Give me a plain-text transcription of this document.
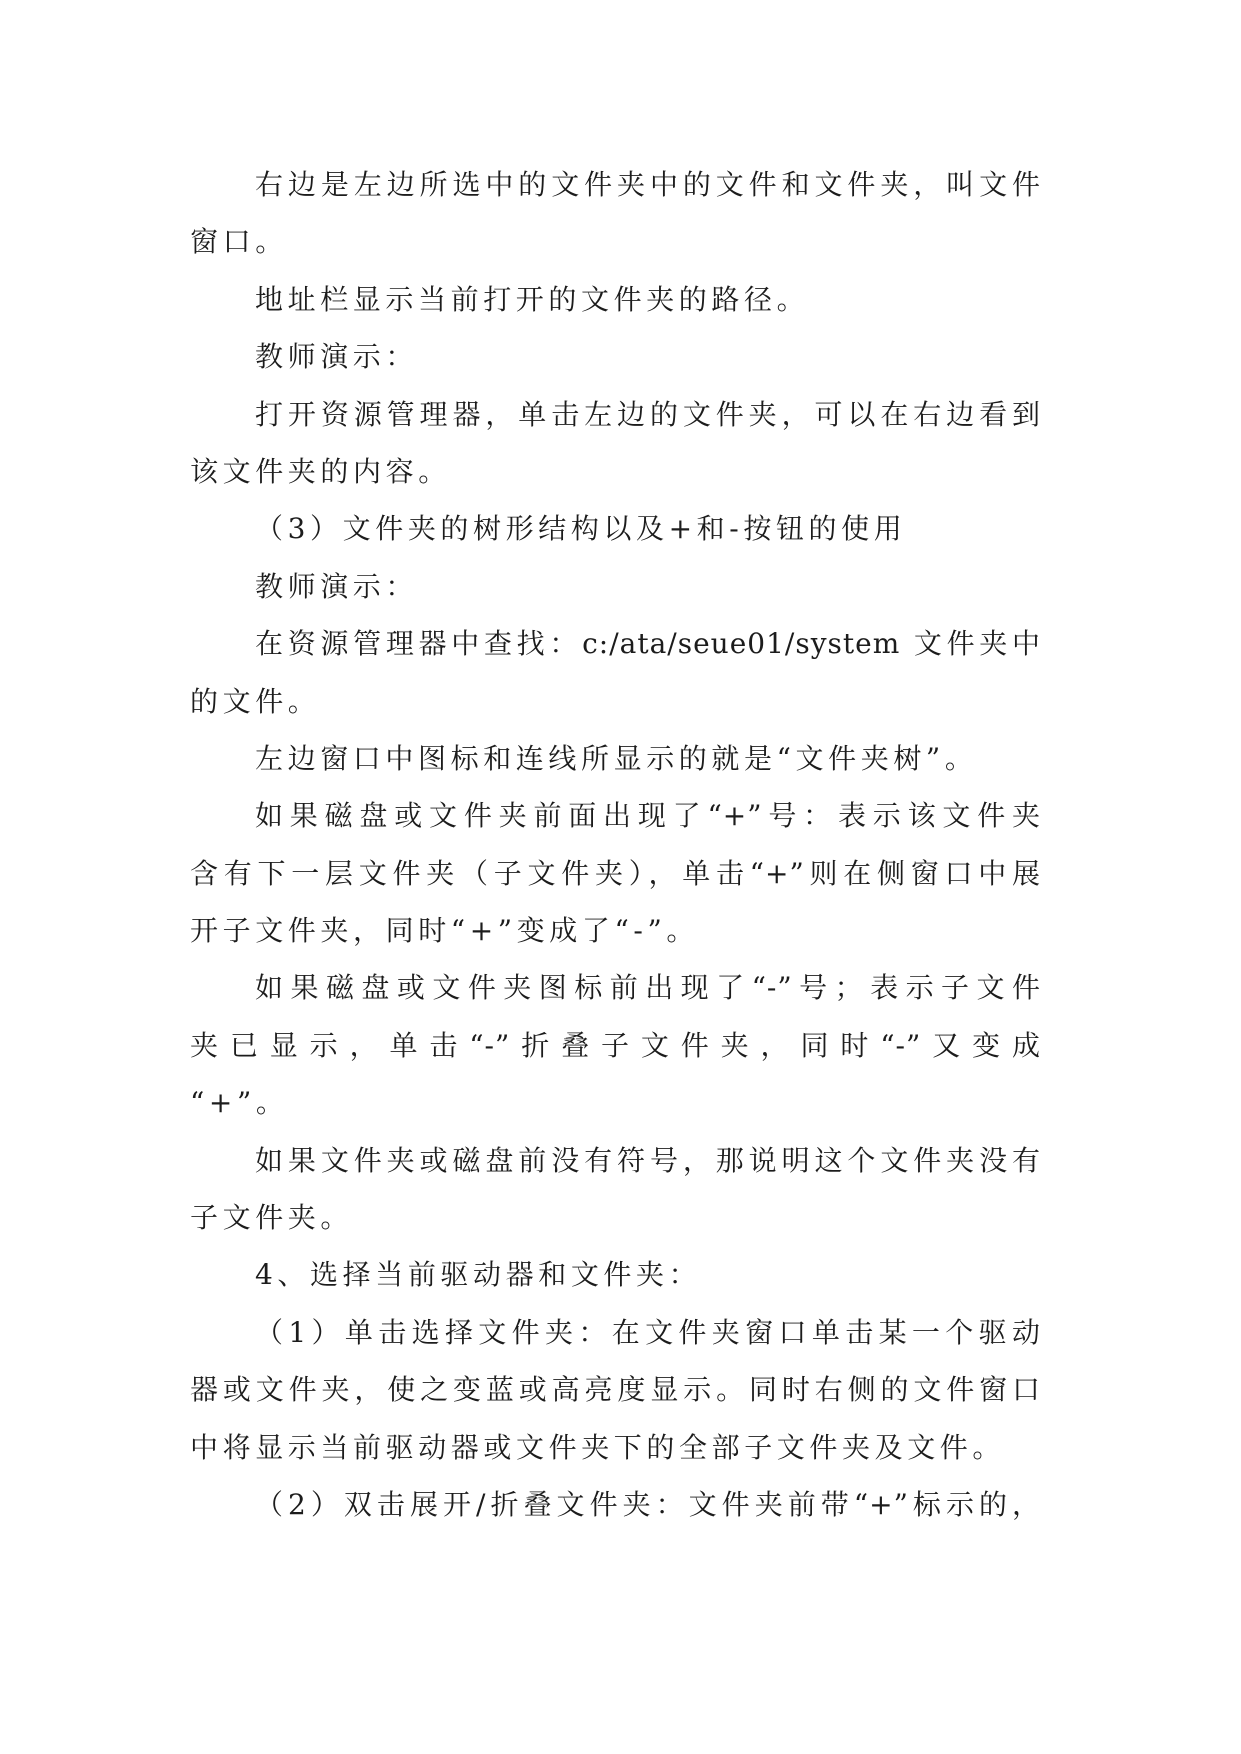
右边是左边所选中的文件夹中的文件和文件夹，叫文件
窗口。
地址栏显示当前打开的文件夹的路径。
教师演示：
打开资源管理器，单击左边的文件夹，可以在右边看到
该文件夹的内容。
（3）文件夹的树形结构以及+和-按钮的使用
教师演示：
在资源管理器中查找：c:/ata/seue01/system 文件夹中
的文件。
左边窗口中图标和连线所显示的就是“文件夹树”。
如果磁盘或文件夹前面出现了“+”号：表示该文件夹
含有下一层文件夹（子文件夹），单击“+”则在侧窗口中展
开子文件夹，同时“+”变成了“-”。
如果磁盘或文件夹图标前出现了“-”号；表示子文件
夹已显示，单击“-”折叠子文件夹，同时“-”又变成
“+”。
如果文件夹或磁盘前没有符号，那说明这个文件夹没有
子文件夹。
4、选择当前驱动器和文件夹：
（1）单击选择文件夹：在文件夹窗口单击某一个驱动
器或文件夹，使之变蓝或高亮度显示。同时右侧的文件窗口
中将显示当前驱动器或文件夹下的全部子文件夹及文件。
（2）双击展开/折叠文件夹：文件夹前带“+”标示的，
